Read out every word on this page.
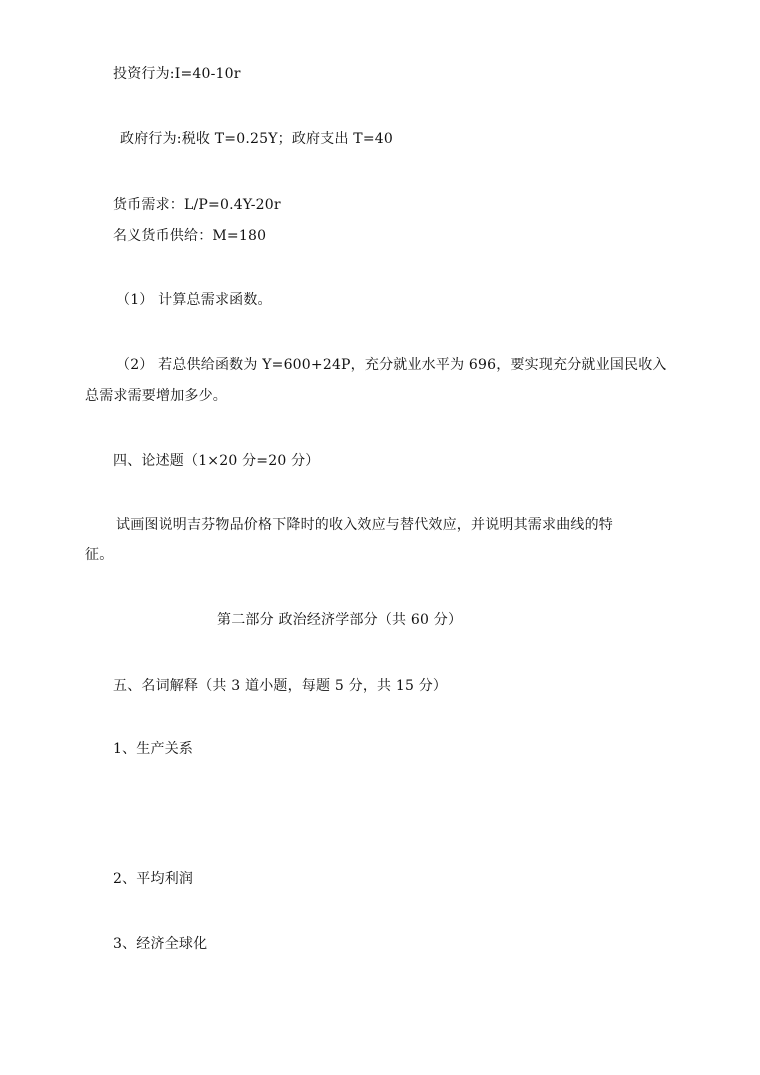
投资行为:I=40-10r
政府行为:税收 T=0.25Y；政府支出 T=40
货币需求：L/P=0.4Y-20r
名义货币供给：M=180
（1） 计算总需求函数。
（2） 若总供给函数为 Y=600+24P，充分就业水平为 696，要实现充分就业国民收入
总需求需要增加多少。
四、论述题（1×20 分=20 分）
试画图说明吉芬物品价格下降时的收入效应与替代效应，并说明其需求曲线的特
征。
第二部分 政治经济学部分（共 60 分）
五、名词解释（共 3 道小题，每题 5 分，共 15 分）
1、生产关系
2、平均利润
3、经济全球化
